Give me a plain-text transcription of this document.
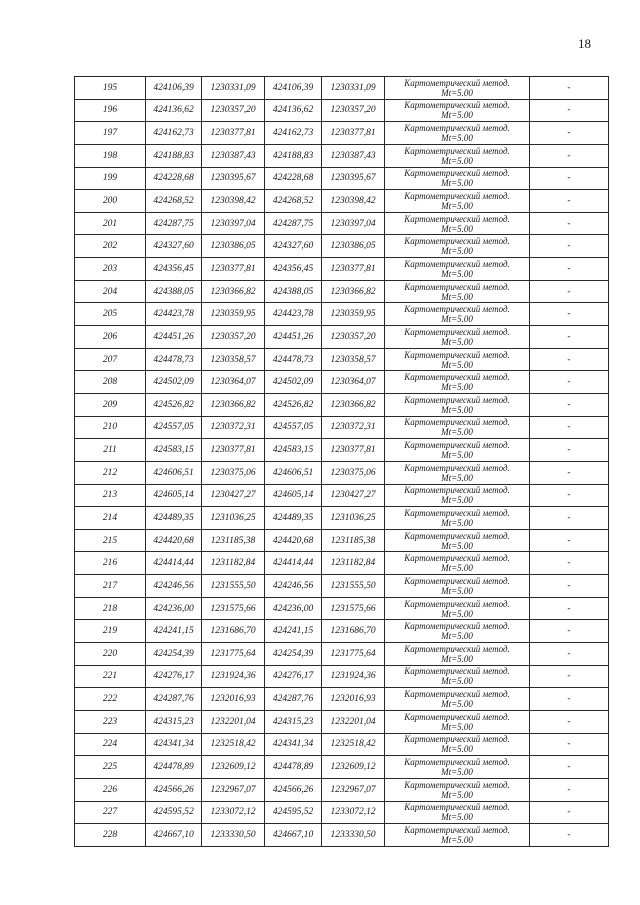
18
195	424106,39	1230331,09	424106,39	1230331,09	Картометрический метод.
Mt=5.00	-
196	424136,62	1230357,20	424136,62	1230357,20	Картометрический метод.
Mt=5.00	-
197	424162,73	1230377,81	424162,73	1230377,81	Картометрический метод.
Mt=5.00	-
198	424188,83	1230387,43	424188,83	1230387,43	Картометрический метод.
Mt=5.00	-
199	424228,68	1230395,67	424228,68	1230395,67	Картометрический метод.
Mt=5.00	-
200	424268,52	1230398,42	424268,52	1230398,42	Картометрический метод.
Mt=5.00	-
201	424287,75	1230397,04	424287,75	1230397,04	Картометрический метод.
Mt=5.00	-
202	424327,60	1230386,05	424327,60	1230386,05	Картометрический метод.
Mt=5.00	-
203	424356,45	1230377,81	424356,45	1230377,81	Картометрический метод.
Mt=5.00	-
204	424388,05	1230366,82	424388,05	1230366,82	Картометрический метод.
Mt=5.00	-
205	424423,78	1230359,95	424423,78	1230359,95	Картометрический метод.
Mt=5.00	-
206	424451,26	1230357,20	424451,26	1230357,20	Картометрический метод.
Mt=5.00	-
207	424478,73	1230358,57	424478,73	1230358,57	Картометрический метод.
Mt=5.00	-
208	424502,09	1230364,07	424502,09	1230364,07	Картометрический метод.
Mt=5.00	-
209	424526,82	1230366,82	424526,82	1230366,82	Картометрический метод.
Mt=5.00	-
210	424557,05	1230372,31	424557,05	1230372,31	Картометрический метод.
Mt=5.00	-
211	424583,15	1230377,81	424583,15	1230377,81	Картометрический метод.
Mt=5.00	-
212	424606,51	1230375,06	424606,51	1230375,06	Картометрический метод.
Mt=5.00	-
213	424605,14	1230427,27	424605,14	1230427,27	Картометрический метод.
Mt=5.00	-
214	424489,35	1231036,25	424489,35	1231036,25	Картометрический метод.
Mt=5.00	-
215	424420,68	1231185,38	424420,68	1231185,38	Картометрический метод.
Mt=5.00	-
216	424414,44	1231182,84	424414,44	1231182,84	Картометрический метод.
Mt=5.00	-
217	424246,56	1231555,50	424246,56	1231555,50	Картометрический метод.
Mt=5.00	-
218	424236,00	1231575,66	424236,00	1231575,66	Картометрический метод.
Mt=5.00	-
219	424241,15	1231686,70	424241,15	1231686,70	Картометрический метод.
Mt=5.00	-
220	424254,39	1231775,64	424254,39	1231775,64	Картометрический метод.
Mt=5.00	-
221	424276,17	1231924,36	424276,17	1231924,36	Картометрический метод.
Mt=5.00	-
222	424287,76	1232016,93	424287,76	1232016,93	Картометрический метод.
Mt=5.00	-
223	424315,23	1232201,04	424315,23	1232201,04	Картометрический метод.
Mt=5.00	-
224	424341,34	1232518,42	424341,34	1232518,42	Картометрический метод.
Mt=5.00	-
225	424478,89	1232609,12	424478,89	1232609,12	Картометрический метод.
Mt=5.00	-
226	424566,26	1232967,07	424566,26	1232967,07	Картометрический метод.
Mt=5.00	-
227	424595,52	1233072,12	424595,52	1233072,12	Картометрический метод.
Mt=5.00	-
228	424667,10	1233330,50	424667,10	1233330,50	Картометрический метод.
Mt=5.00	-
